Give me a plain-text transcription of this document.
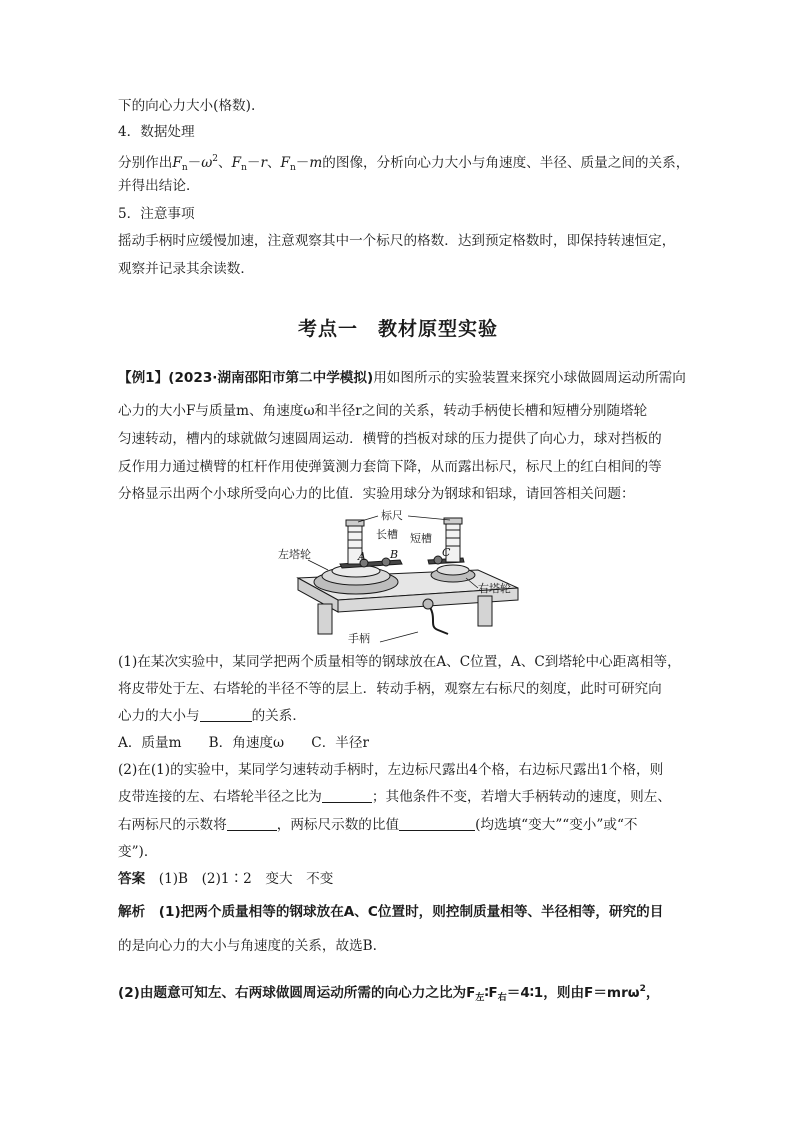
下的向心力大小(格数).
4．数据处理
分别作出$F_n-\omega^2$、$F_n-r$、$F_n-m$的图像，分析向心力大小与角速度、半径、质量之间的关系，
并得出结论．
5．注意事项
摇动手柄时应缓慢加速，注意观察其中一个标尺的格数．达到预定格数时，即保持转速恒定，
观察并记录其余读数．
考点一　教材原型实验
【例1】(2023·湖南邵阳市第二中学模拟)用如图所示的实验装置来探究小球做圆周运动所需向
心力的大小F与质量m、角速度ω和半径r之间的关系，转动手柄使长槽和短槽分别随塔轮
匀速转动，槽内的球就做匀速圆周运动．横臂的挡板对球的压力提供了向心力，球对挡板的
反作用力通过横臂的杠杆作用使弹簧测力套筒下降，从而露出标尺，标尺上的红白相间的等
分格显示出两个小球所受向心力的比值．实验用球分为钢球和铝球，请回答相关问题：
标尺
长槽 短槽
左塔轮
右塔轮
手柄
A B	C
(1)在某次实验中，某同学把两个质量相等的钢球放在A、C位置，A、C到塔轮中心距离相等，
将皮带处于左、右塔轮的半径不等的层上．转动手柄，观察左右标尺的刻度，此时可研究向
心力的大小与	的关系．
A．质量m　　B．角速度ω　　C．半径r
(2)在(1)的实验中，某同学匀速转动手柄时，左边标尺露出4个格，右边标尺露出1个格，则
皮带连接的左、右塔轮半径之比为	；其他条件不变，若增大手柄转动的速度，则左、
右两标尺的示数将	，两标尺示数的比值	(均选填“变大”“变小”或“不
变”)．
答案　 (1)B　(2)1∶2　变大　不变
解析　 (1)把两个质量相等的钢球放在A、C位置时，则控制质量相等、半径相等，研究的目
的是向心力的大小与角速度的关系，故选B.
(2)由题意可知左、右两球做圆周运动所需的向心力之比为$F_左∶F_右=4∶1$，则由F＝mrω$^2$，
